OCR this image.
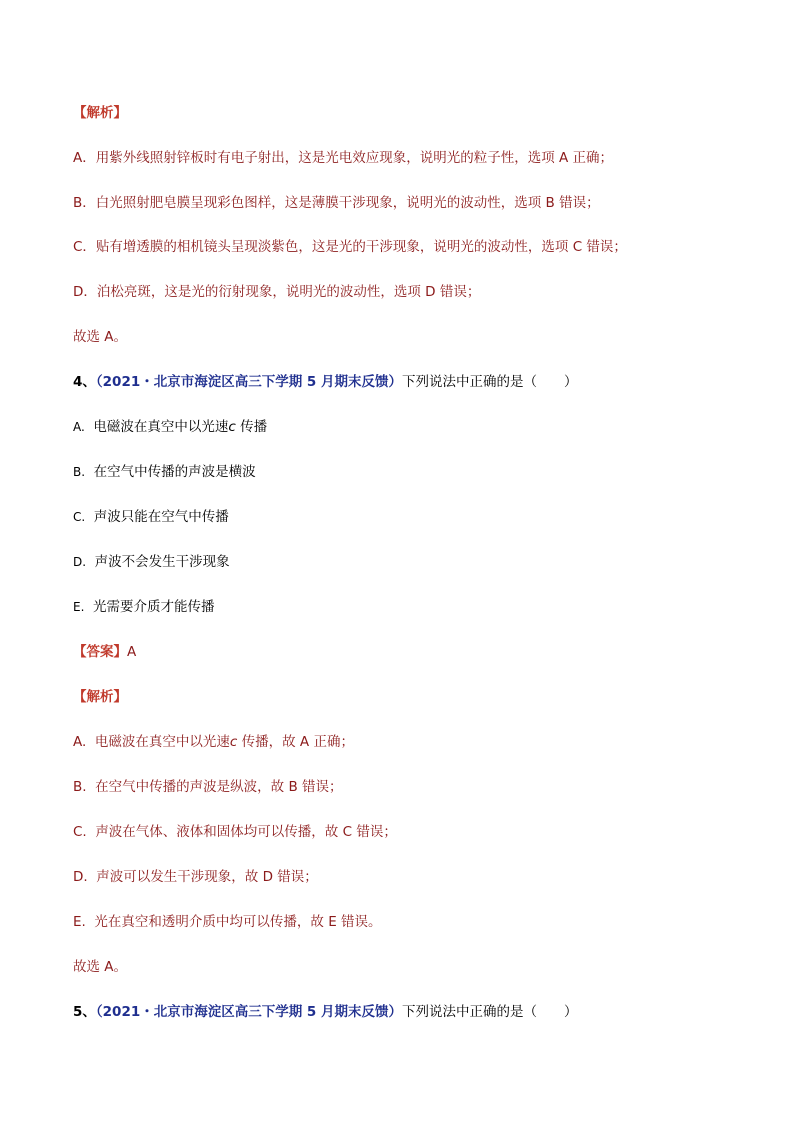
【解析】
A．用紫外线照射锌板时有电子射出，这是光电效应现象，说明光的粒子性，选项 A 正确；
B．白光照射肥皂膜呈现彩色图样，这是薄膜干涉现象，说明光的波动性，选项 B 错误；
C．贴有增透膜的相机镜头呈现淡紫色，这是光的干涉现象，说明光的波动性，选项 C 错误；
D．泊松亮斑，这是光的衍射现象，说明光的波动性，选项 D 错误；
故选 A。
4、（2021・北京市海淀区高三下学期 5 月期末反馈）下列说法中正确的是（　　）
A. 电磁波在真空中以光速c 传播
B. 在空气中传播的声波是横波
C. 声波只能在空气中传播
D. 声波不会发生干涉现象
E. 光需要介质才能传播
【答案】A
【解析】
A. 电磁波在真空中以光速c 传播，故 A 正确；
B. 在空气中传播的声波是纵波，故 B 错误；
C. 声波在气体、液体和固体均可以传播，故 C 错误；
D. 声波可以发生干涉现象，故 D 错误；
E. 光在真空和透明介质中均可以传播，故 E 错误。
故选 A。
5、（2021・北京市海淀区高三下学期 5 月期末反馈）下列说法中正确的是（　　）
